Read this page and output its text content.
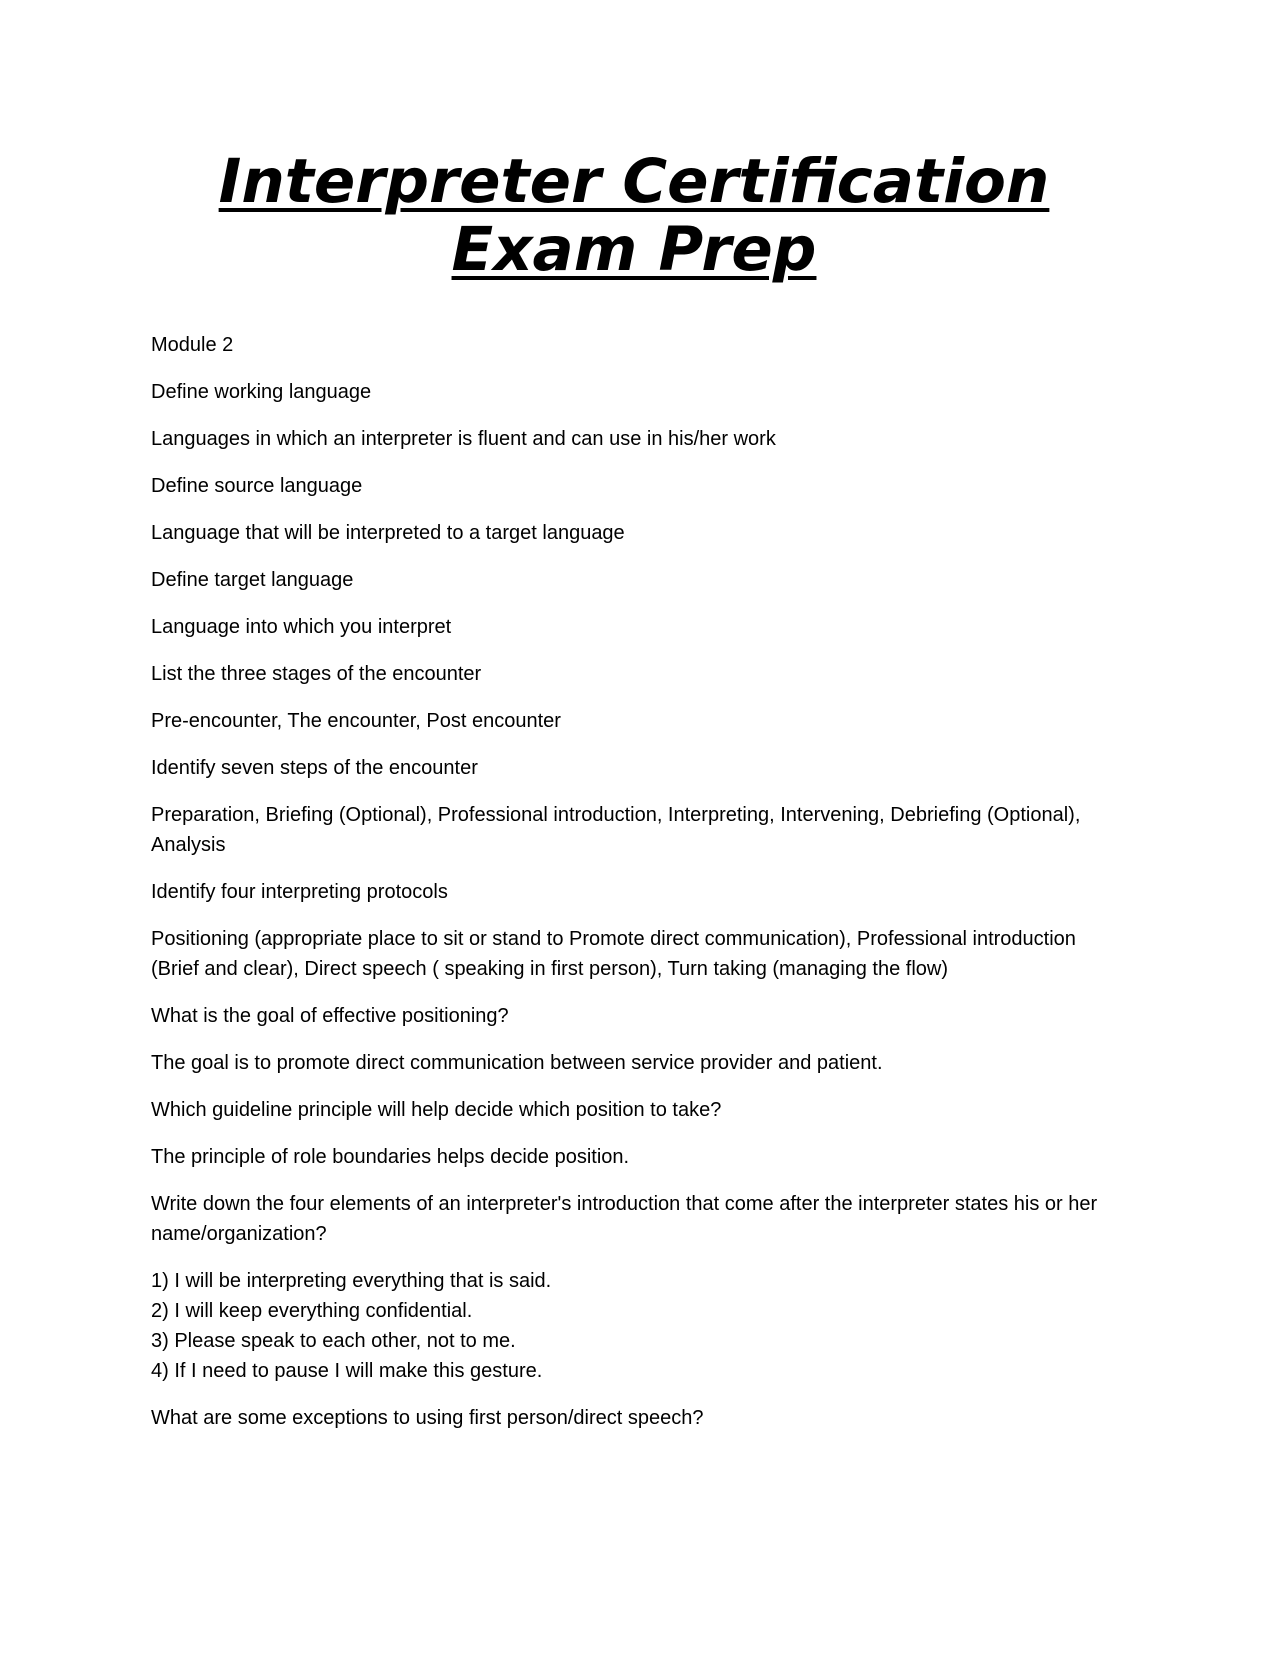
Interpreter Certification Exam Prep

Module 2

Define working language

Languages in which an interpreter is fluent and can use in his/her work

Define source language

Language that will be interpreted to a target language

Define target language

Language into which you interpret

List the three stages of the encounter

Pre-encounter, The encounter, Post encounter

Identify seven steps of the encounter

Preparation, Briefing (Optional), Professional introduction, Interpreting, Intervening, Debriefing (Optional), Analysis

Identify four interpreting protocols

Positioning (appropriate place to sit or stand to Promote direct communication), Professional introduction (Brief and clear), Direct speech ( speaking in first person), Turn taking (managing the flow)

What is the goal of effective positioning?

The goal is to promote direct communication between service provider and patient.

Which guideline principle will help decide which position to take?

The principle of role boundaries helps decide position.

Write down the four elements of an interpreter's introduction that come after the interpreter states his or her name/organization?

1) I will be interpreting everything that is said.

2) I will keep everything confidential.

3) Please speak to each other, not to me.

4) If I need to pause I will make this gesture.

What are some exceptions to using first person/direct speech?
